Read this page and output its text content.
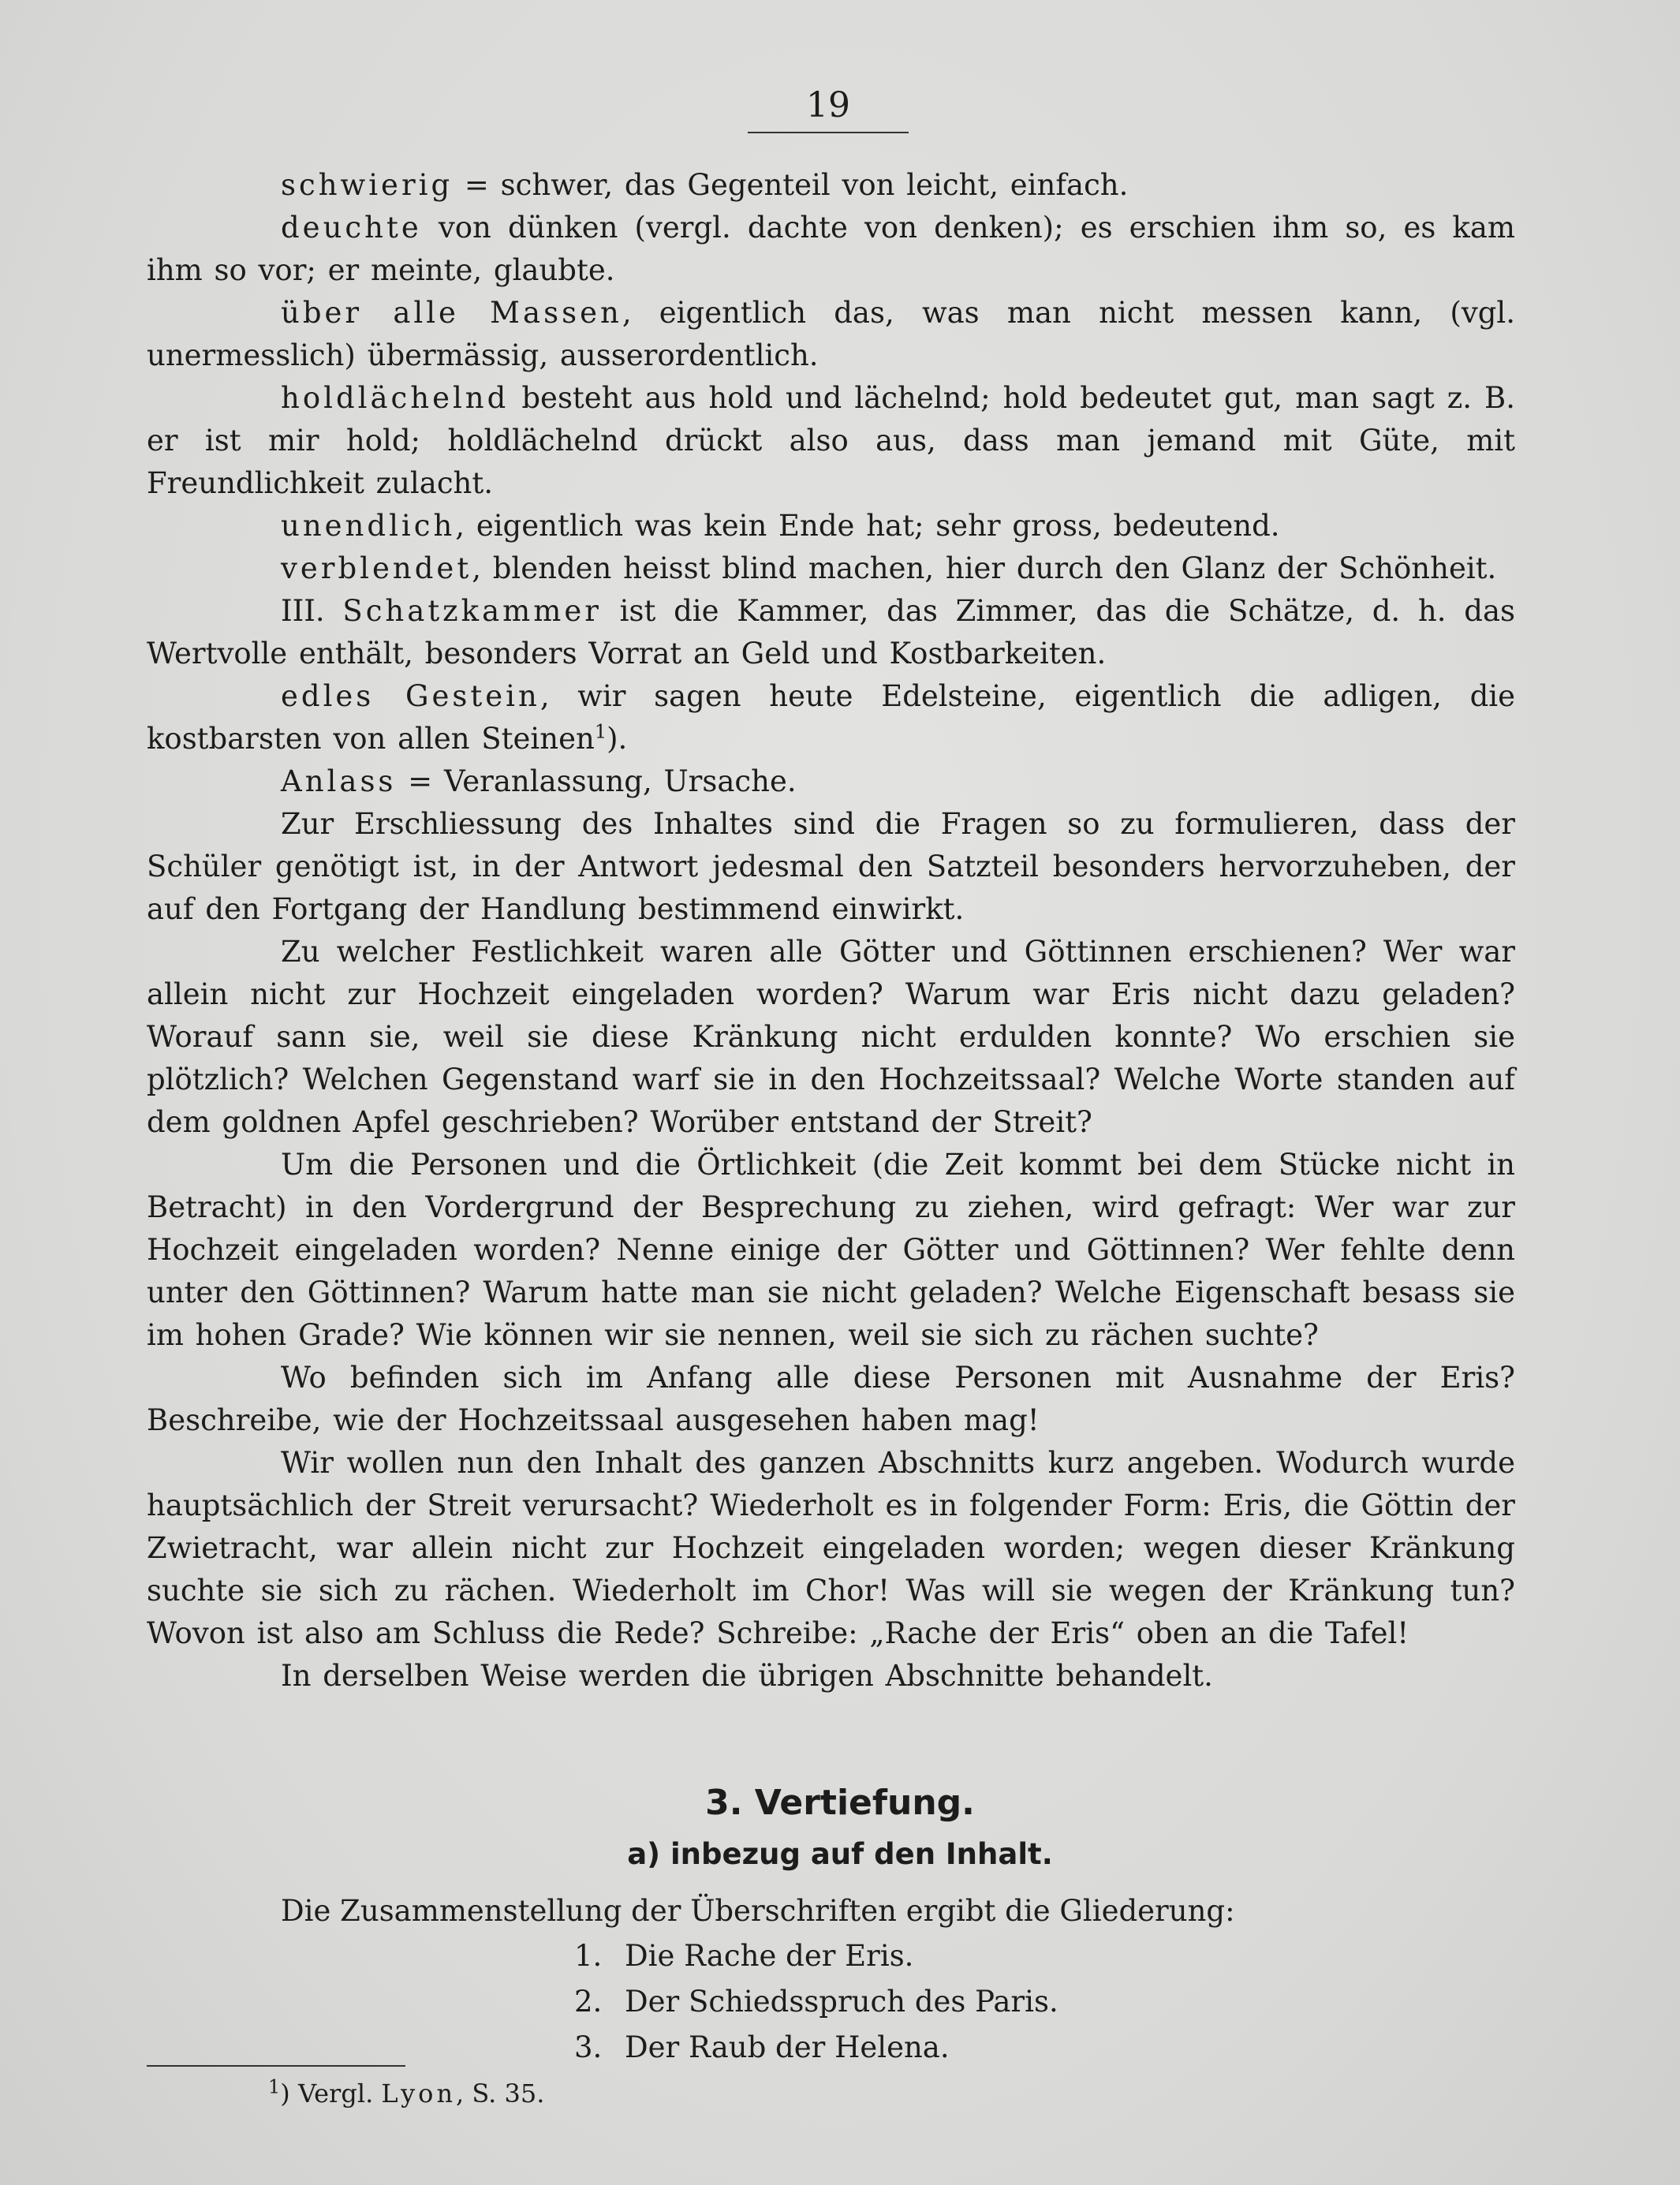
19

schwierig = schwer, das Gegenteil von leicht, einfach.

deuchte von dünken (vergl. dachte von denken); es erschien ihm so, es kam ihm so vor; er meinte, glaubte.

über alle Massen, eigentlich das, was man nicht messen kann, (vgl. unermesslich) übermässig, ausserordentlich.

holdlächelnd besteht aus hold und lächelnd; hold bedeutet gut, man sagt z. B. er ist mir hold; holdlächelnd drückt also aus, dass man jemand mit Güte, mit Freundlichkeit zulacht.

unendlich, eigentlich was kein Ende hat; sehr gross, bedeutend.

verblendet, blenden heisst blind machen, hier durch den Glanz der Schönheit.

III. Schatzkammer ist die Kammer, das Zimmer, das die Schätze, d. h. das Wertvolle enthält, besonders Vorrat an Geld und Kostbarkeiten.

edles Gestein, wir sagen heute Edelsteine, eigentlich die adligen, die kostbarsten von allen Steinen$^1$).

Anlass = Veranlassung, Ursache.

Zur Erschliessung des Inhaltes sind die Fragen so zu formulieren, dass der Schüler genötigt ist, in der Antwort jedesmal den Satzteil besonders hervorzuheben, der auf den Fortgang der Handlung bestimmend einwirkt.

Zu welcher Festlichkeit waren alle Götter und Göttinnen erschienen? Wer war allein nicht zur Hochzeit eingeladen worden? Warum war Eris nicht dazu geladen? Worauf sann sie, weil sie diese Kränkung nicht erdulden konnte? Wo erschien sie plötzlich? Welchen Gegenstand warf sie in den Hochzeitssaal? Welche Worte standen auf dem goldnen Apfel geschrieben? Worüber entstand der Streit?

Um die Personen und die Örtlichkeit (die Zeit kommt bei dem Stücke nicht in Betracht) in den Vordergrund der Besprechung zu ziehen, wird gefragt: Wer war zur Hochzeit eingeladen worden? Nenne einige der Götter und Göttinnen? Wer fehlte denn unter den Göttinnen? Warum hatte man sie nicht geladen? Welche Eigenschaft besass sie im hohen Grade? Wie können wir sie nennen, weil sie sich zu rächen suchte?

Wo befinden sich im Anfang alle diese Personen mit Ausnahme der Eris? Beschreibe, wie der Hochzeitssaal ausgesehen haben mag!

Wir wollen nun den Inhalt des ganzen Abschnitts kurz angeben. Wodurch wurde hauptsächlich der Streit verursacht? Wiederholt es in folgender Form: Eris, die Göttin der Zwietracht, war allein nicht zur Hochzeit eingeladen worden; wegen dieser Kränkung suchte sie sich zu rächen. Wiederholt im Chor! Was will sie wegen der Kränkung tun? Wovon ist also am Schluss die Rede? Schreibe: „Rache der Eris“ oben an die Tafel!

In derselben Weise werden die übrigen Abschnitte behandelt.

3. Vertiefung.
a) inbezug auf den Inhalt.
Die Zusammenstellung der Überschriften ergibt die Gliederung:
1. Die Rache der Eris.
2. Der Schiedsspruch des Paris.
3. Der Raub der Helena.
$^1$) Vergl. Lyon, S. 35.
